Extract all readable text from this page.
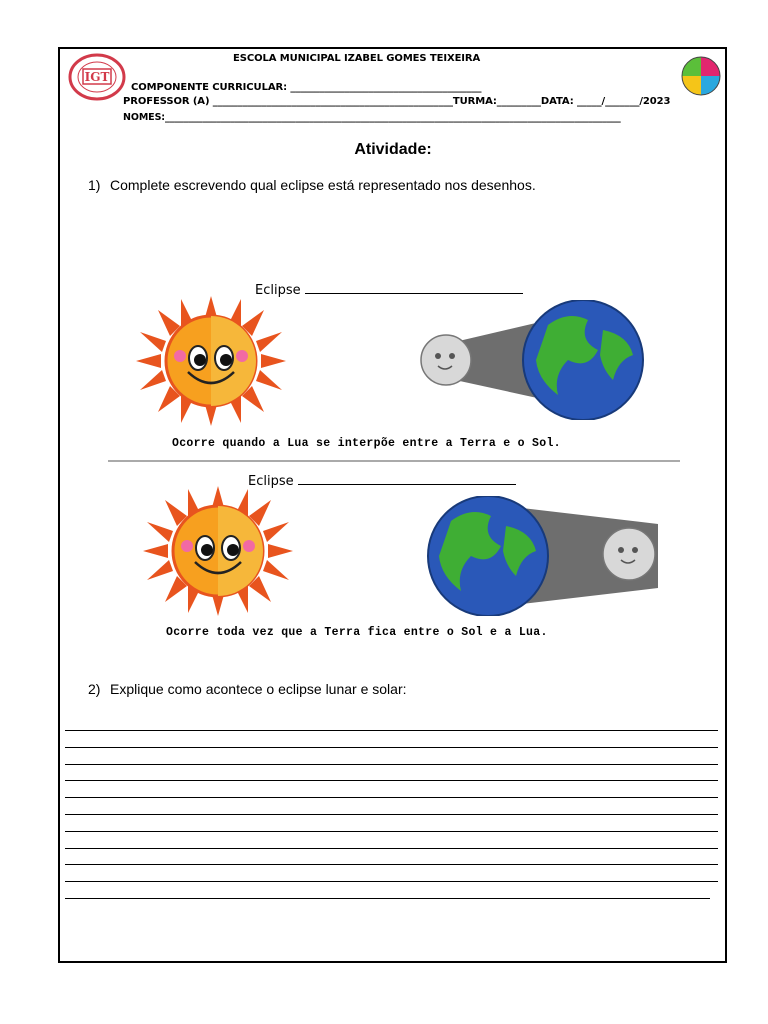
IGT
ESCOLA MUNICIPAL IZABEL GOMES TEIXEIRA
COMPONENTE CURRICULAR: _______________________________________
PROFESSOR (A) _________________________________________________TURMA:_________DATA: _____/_______/2023
NOMES:__________________________________________________________________________________________________
Atividade:
1) Complete escrevendo qual eclipse está representado nos desenhos.
Eclipse
Ocorre quando a Lua se interpõe entre a Terra e o Sol.
Eclipse
Ocorre toda vez que a Terra fica entre o Sol e a Lua.
2) Explique como acontece o eclipse lunar e solar:
